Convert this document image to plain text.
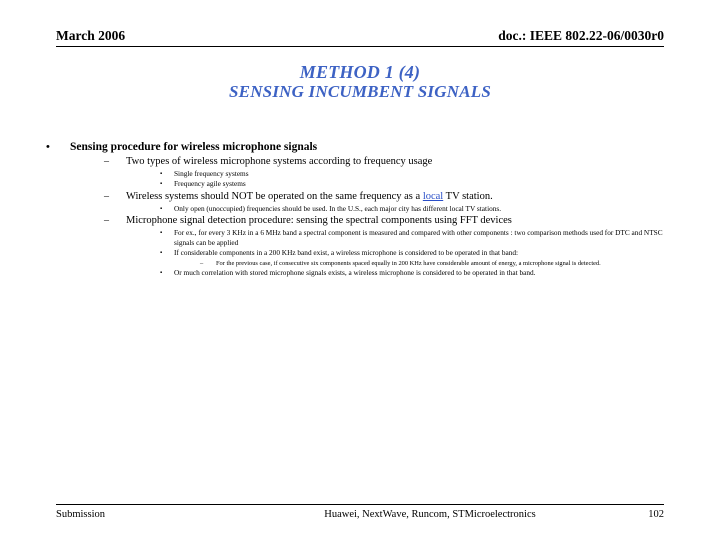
March 2006	doc.: IEEE 802.22-06/0030r0
METHOD 1 (4)
SENSING INCUMBENT SIGNALS
• Sensing procedure for wireless microphone signals
– Two types of wireless microphone systems according to frequency usage
▪ Single frequency systems
▪ Frequency agile systems
– Wireless systems should NOT be operated on the same frequency as a local TV station.
▪ Only open (unoccupied) frequencies should be used. In the U.S., each major city has different local TV stations.
– Microphone signal detection procedure: sensing the spectral components using FFT devices
▪ For ex., for every 3 KHz in a 6 MHz band a spectral component is measured and compared with other components : two comparison methods used for DTC and NTSC signals can be applied
▪ If considerable components in a 200 KHz band exist, a wireless microphone is considered to be operated in that band:
– For the previous case, if consecutive six components spaced equally in 200 KHz have considerable amount of energy, a microphone signal is detected.
▪ Or much correlation with stored microphone signals exists, a wireless microphone is considered to be operated in that band.
Submission	Huawei, NextWave, Runcom, STMicroelectronics	102
